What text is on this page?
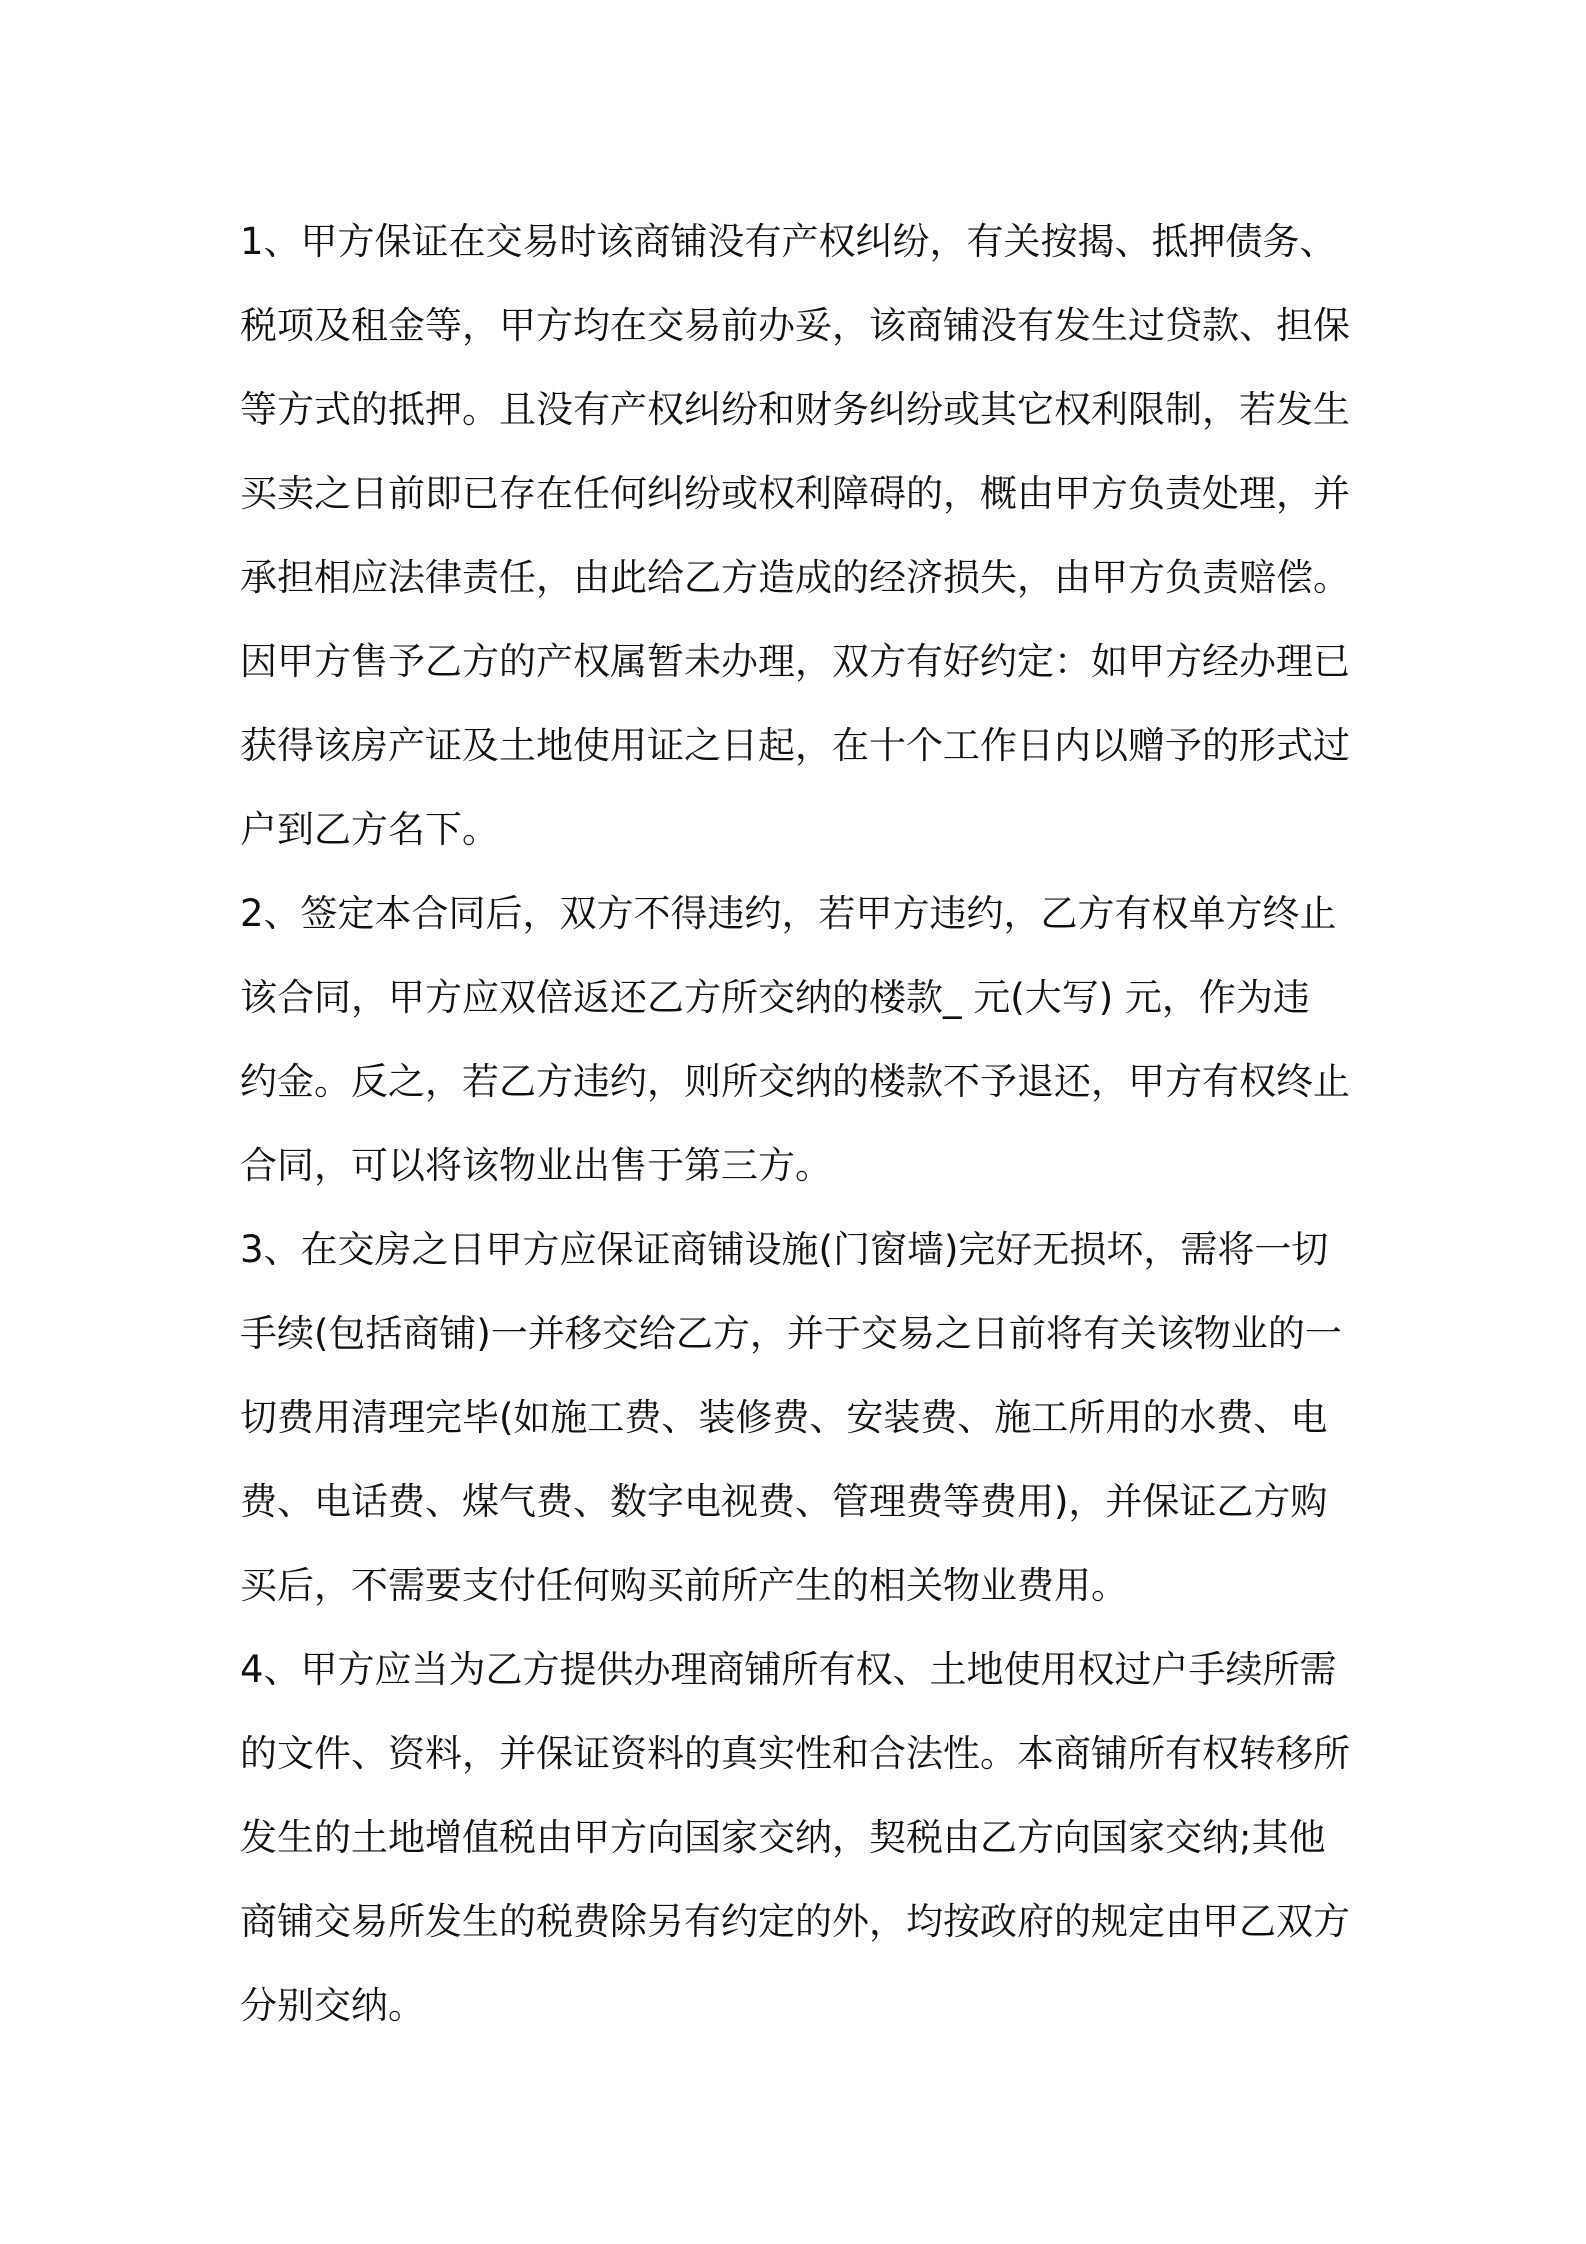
1、甲方保证在交易时该商铺没有产权纠纷，有关按揭、抵押债务、
税项及租金等，甲方均在交易前办妥，该商铺没有发生过贷款、担保
等方式的抵押。且没有产权纠纷和财务纠纷或其它权利限制，若发生
买卖之日前即已存在任何纠纷或权利障碍的，概由甲方负责处理，并
承担相应法律责任，由此给乙方造成的经济损失，由甲方负责赔偿。
因甲方售予乙方的产权属暂未办理，双方有好约定：如甲方经办理已
获得该房产证及土地使用证之日起，在十个工作日内以赠予的形式过
户到乙方名下。
2、签定本合同后，双方不得违约，若甲方违约，乙方有权单方终止
该合同，甲方应双倍返还乙方所交纳的楼款_ 元(大写) 元，作为违
约金。反之，若乙方违约，则所交纳的楼款不予退还，甲方有权终止
合同，可以将该物业出售于第三方。
3、在交房之日甲方应保证商铺设施(门窗墙)完好无损坏，需将一切
手续(包括商铺)一并移交给乙方，并于交易之日前将有关该物业的一
切费用清理完毕(如施工费、装修费、安装费、施工所用的水费、电
费、电话费、煤气费、数字电视费、管理费等费用)，并保证乙方购
买后，不需要支付任何购买前所产生的相关物业费用。
4、甲方应当为乙方提供办理商铺所有权、土地使用权过户手续所需
的文件、资料，并保证资料的真实性和合法性。本商铺所有权转移所
发生的土地增值税由甲方向国家交纳，契税由乙方向国家交纳;其他
商铺交易所发生的税费除另有约定的外，均按政府的规定由甲乙双方
分别交纳。
